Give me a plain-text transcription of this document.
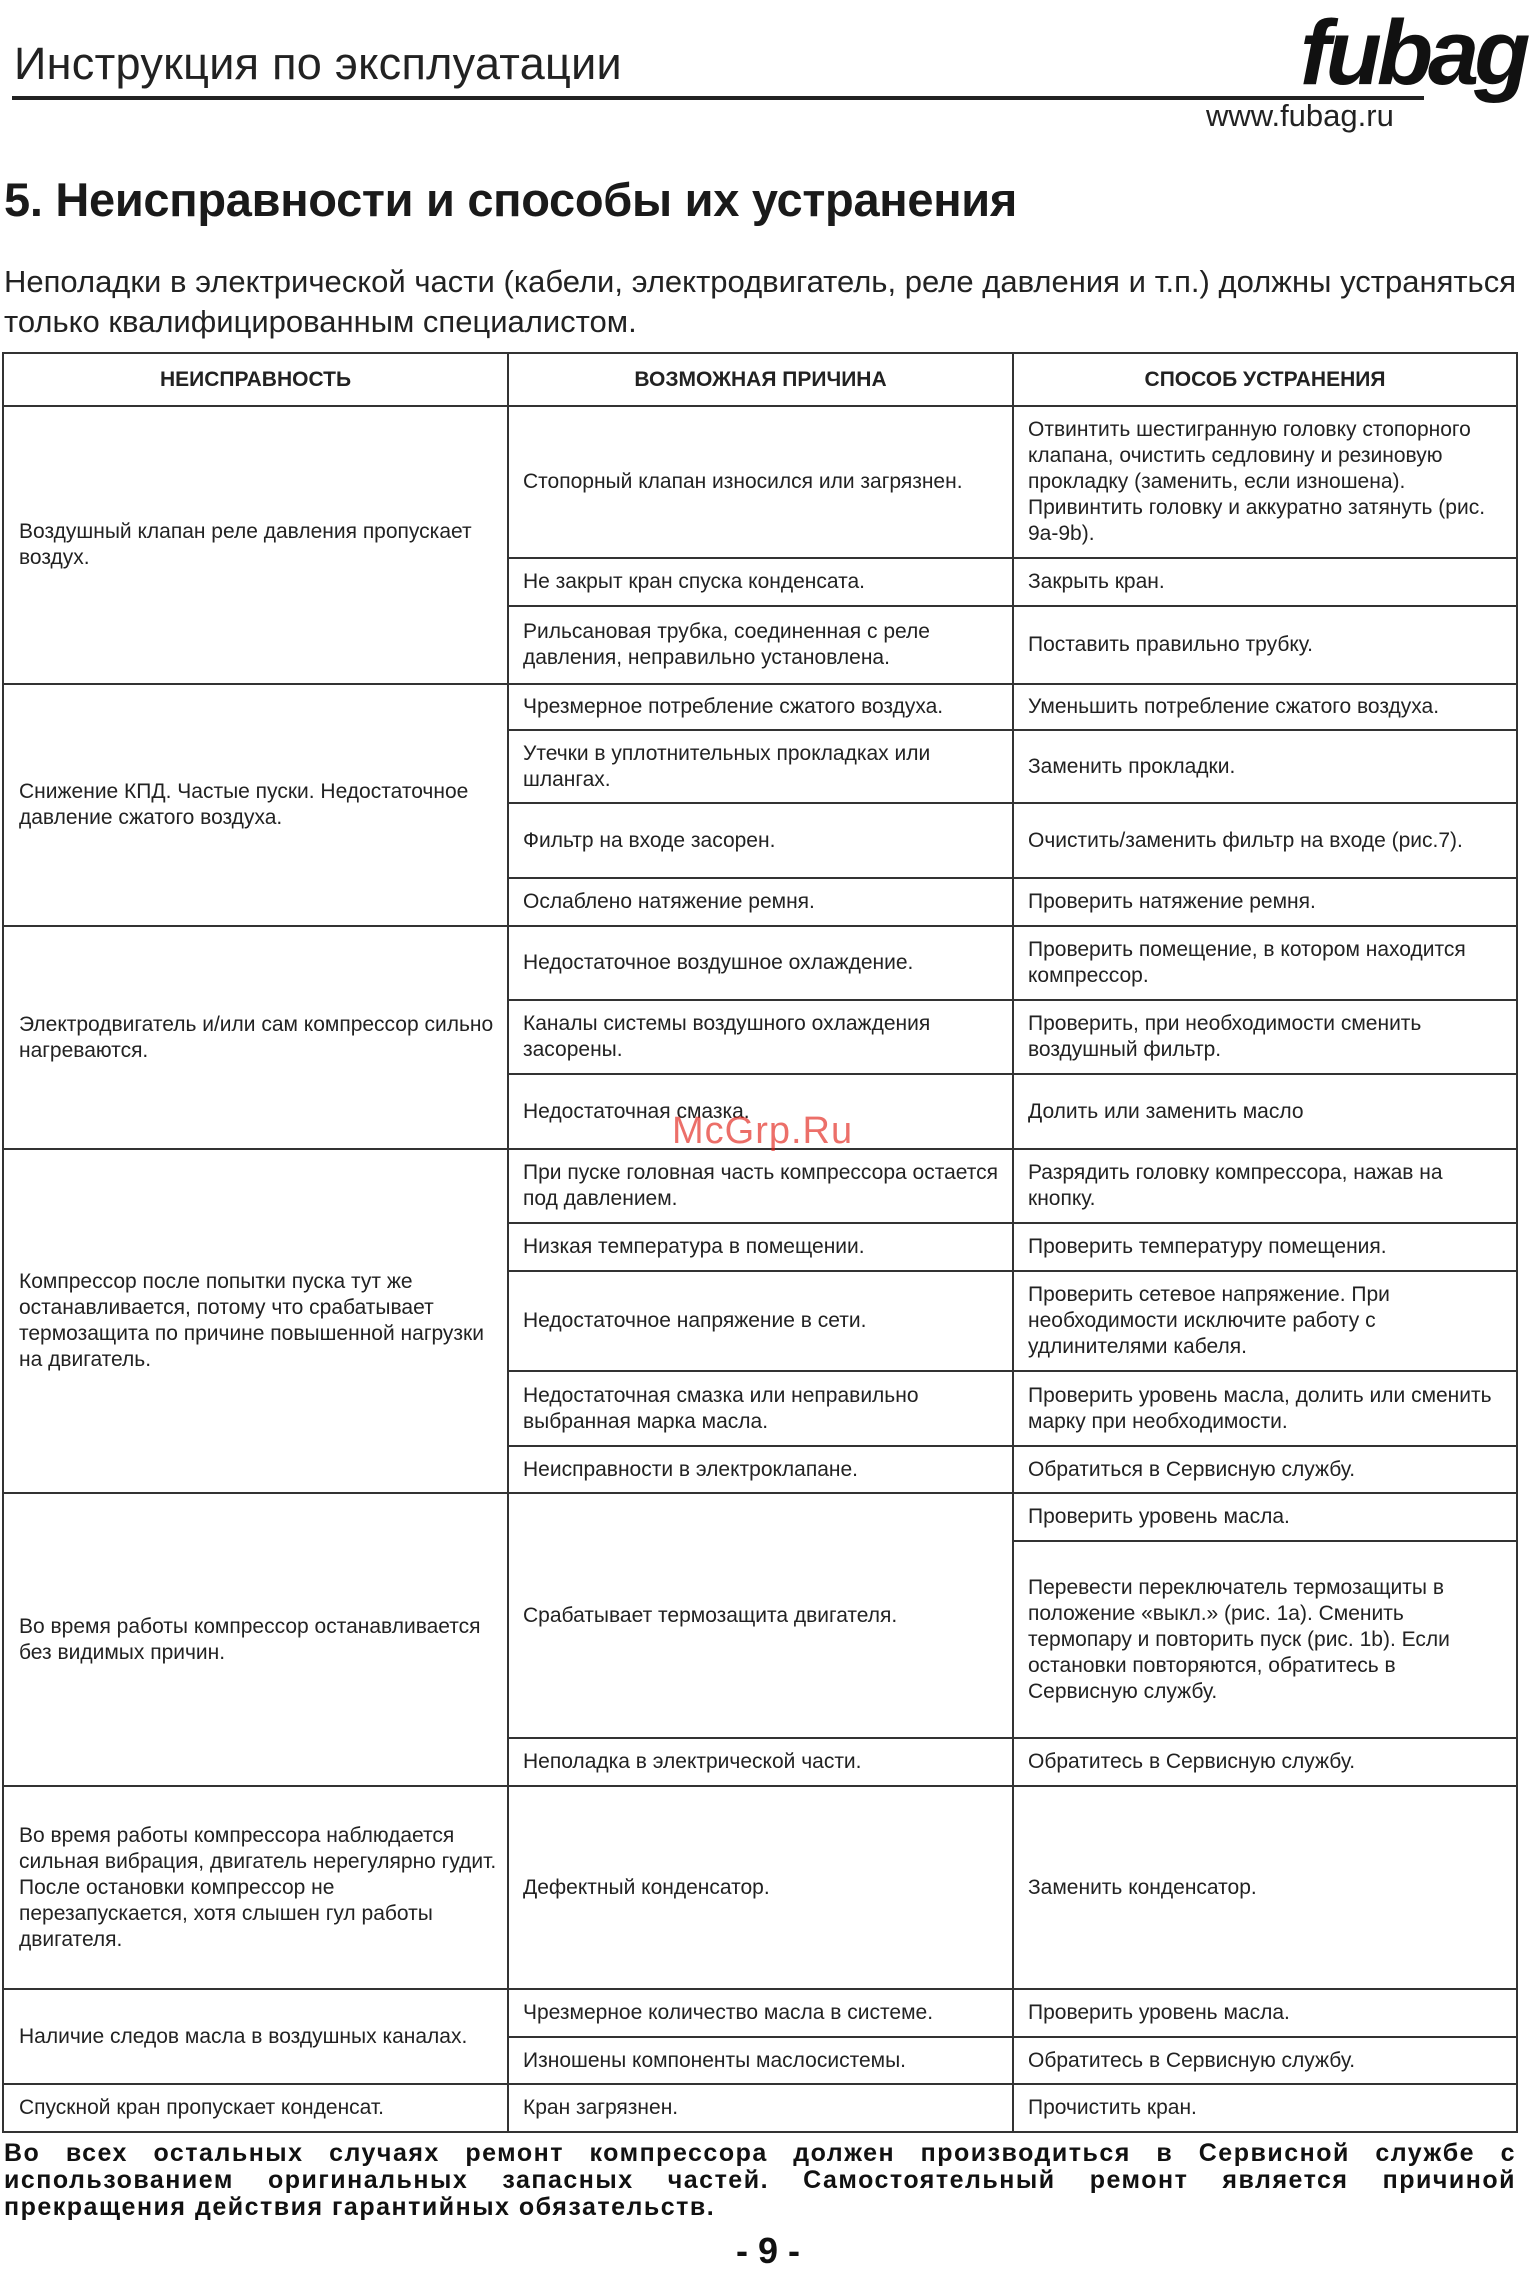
Инструкция по эксплуатации	fubag
www.fubag.ru
5. Неисправности и способы их устранения
Неполадки в электрической части (кабели, электродвигатель, реле давления и т.п.) должны устраняться только квалифицированным специалистом.
НЕИСПРАВНОСТЬ	ВОЗМОЖНАЯ ПРИЧИНА	СПОСОБ УСТРАНЕНИЯ
Воздушный клапан реле давления пропускает воздух.	Стопорный клапан износился или загрязнен.	Отвинтить шестигранную головку стопорного клапана, очистить седловину и резиновую прокладку (заменить, если изношена). Привинтить головку и аккуратно затянуть (рис. 9a-9b).
	Не закрыт кран спуска конденсата.	Закрыть кран.
	Рильсановая трубка, соединенная с реле давления, неправильно установлена.	Поставить правильно трубку.
Снижение КПД. Частые пуски. Недостаточное давление сжатого воздуха.	Чрезмерное потребление сжатого воздуха.	Уменьшить потребление сжатого воздуха.
	Утечки в уплотнительных прокладках или шлангах.	Заменить прокладки.
	Фильтр на входе засорен.	Очистить/заменить фильтр на входе (рис.7).
	Ослаблено натяжение ремня.	Проверить натяжение ремня.
Электродвигатель и/или сам компрессор сильно нагреваются.	Недостаточное воздушное охлаждение.	Проверить помещение, в котором находится компрессор.
	Каналы системы воздушного охлаждения засорены.	Проверить, при необходимости сменить воздушный фильтр.
	Недостаточная смазка.	Долить или заменить масло
Компрессор после попытки пуска тут же останавливается, потому что срабатывает термозащита по причине повышенной нагрузки на двигатель.	При пуске головная часть компрессора остается под давлением.	Разрядить головку компрессора, нажав на кнопку.
	Низкая температура в помещении.	Проверить температуру помещения.
	Недостаточное напряжение в сети.	Проверить сетевое напряжение. При необходимости исключите работу с удлинителями кабеля.
	Недостаточная смазка или неправильно выбранная марка масла.	Проверить уровень масла, долить или сменить марку при необходимости.
	Неисправности в электроклапане.	Обратиться в Сервисную службу.
Во время работы компрессор останавливается без видимых причин.	Срабатывает термозащита двигателя.	Проверить уровень масла.
		Перевести переключатель термозащиты в положение «выкл.» (рис. 1a). Сменить термопару и повторить пуск (рис. 1b). Если остановки повторяются, обратитесь в Сервисную службу.
	Неполадка в электрической части.	Обратитесь в Сервисную службу.
Во время работы компрессора наблюдается сильная вибрация, двигатель нерегулярно гудит. После остановки компрессор не перезапускается, хотя слышен гул работы двигателя.	Дефектный конденсатор.	Заменить конденсатор.
Наличие следов масла в воздушных каналах.	Чрезмерное количество масла в системе.	Проверить уровень масла.
	Изношены компоненты маслосистемы.	Обратитесь в Сервисную службу.
Спускной кран пропускает конденсат.	Кран загрязнен.	Прочистить кран.
McGrp.Ru
Во всех остальных случаях ремонт компрессора должен производиться в Сервисной службе с использованием оригинальных запасных частей. Самостоятельный ремонт является причиной прекращения действия гарантийных обязательств.
- 9 -
